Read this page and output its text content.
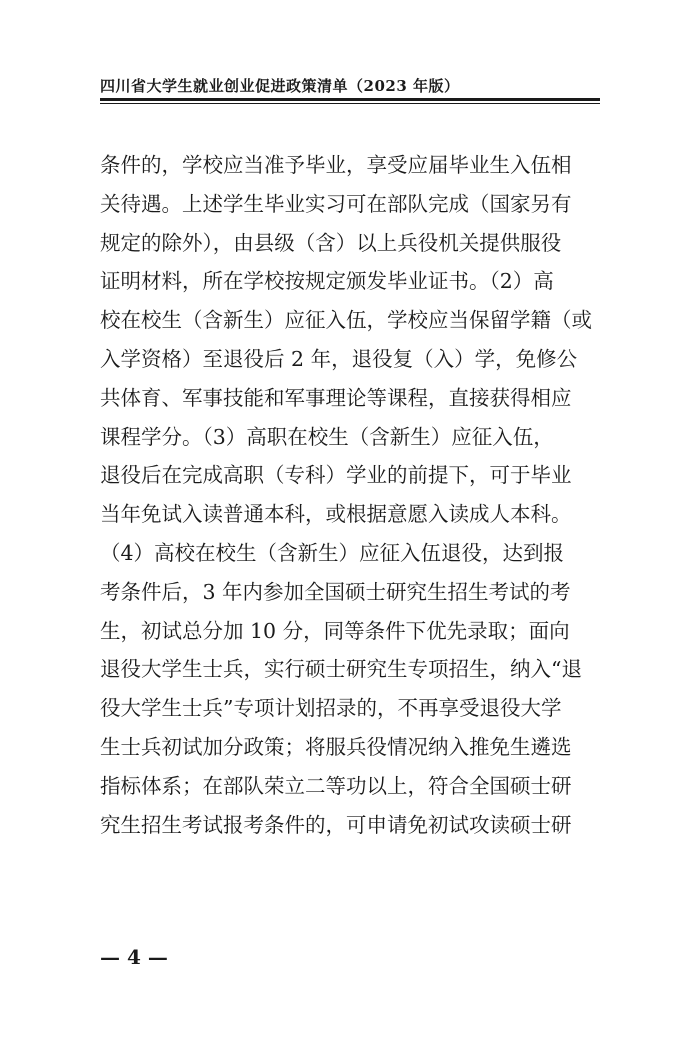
四川省大学生就业创业促进政策清单（2023 年版）
条件的，学校应当准予毕业，享受应届毕业生入伍相
关待遇。上述学生毕业实习可在部队完成（国家另有
规定的除外），由县级（含）以上兵役机关提供服役
证明材料，所在学校按规定颁发毕业证书。（2）高
校在校生（含新生）应征入伍，学校应当保留学籍（或
入学资格）至退役后 2 年，退役复（入）学，免修公
共体育、军事技能和军事理论等课程，直接获得相应
课程学分。（3）高职在校生（含新生）应征入伍，
退役后在完成高职（专科）学业的前提下，可于毕业
当年免试入读普通本科，或根据意愿入读成人本科。
（4）高校在校生（含新生）应征入伍退役，达到报
考条件后，3 年内参加全国硕士研究生招生考试的考
生，初试总分加 10 分，同等条件下优先录取；面向
退役大学生士兵，实行硕士研究生专项招生，纳入“退
役大学生士兵”专项计划招录的，不再享受退役大学
生士兵初试加分政策；将服兵役情况纳入推免生遴选
指标体系；在部队荣立二等功以上，符合全国硕士研
究生招生考试报考条件的，可申请免初试攻读硕士研
— 4 —
